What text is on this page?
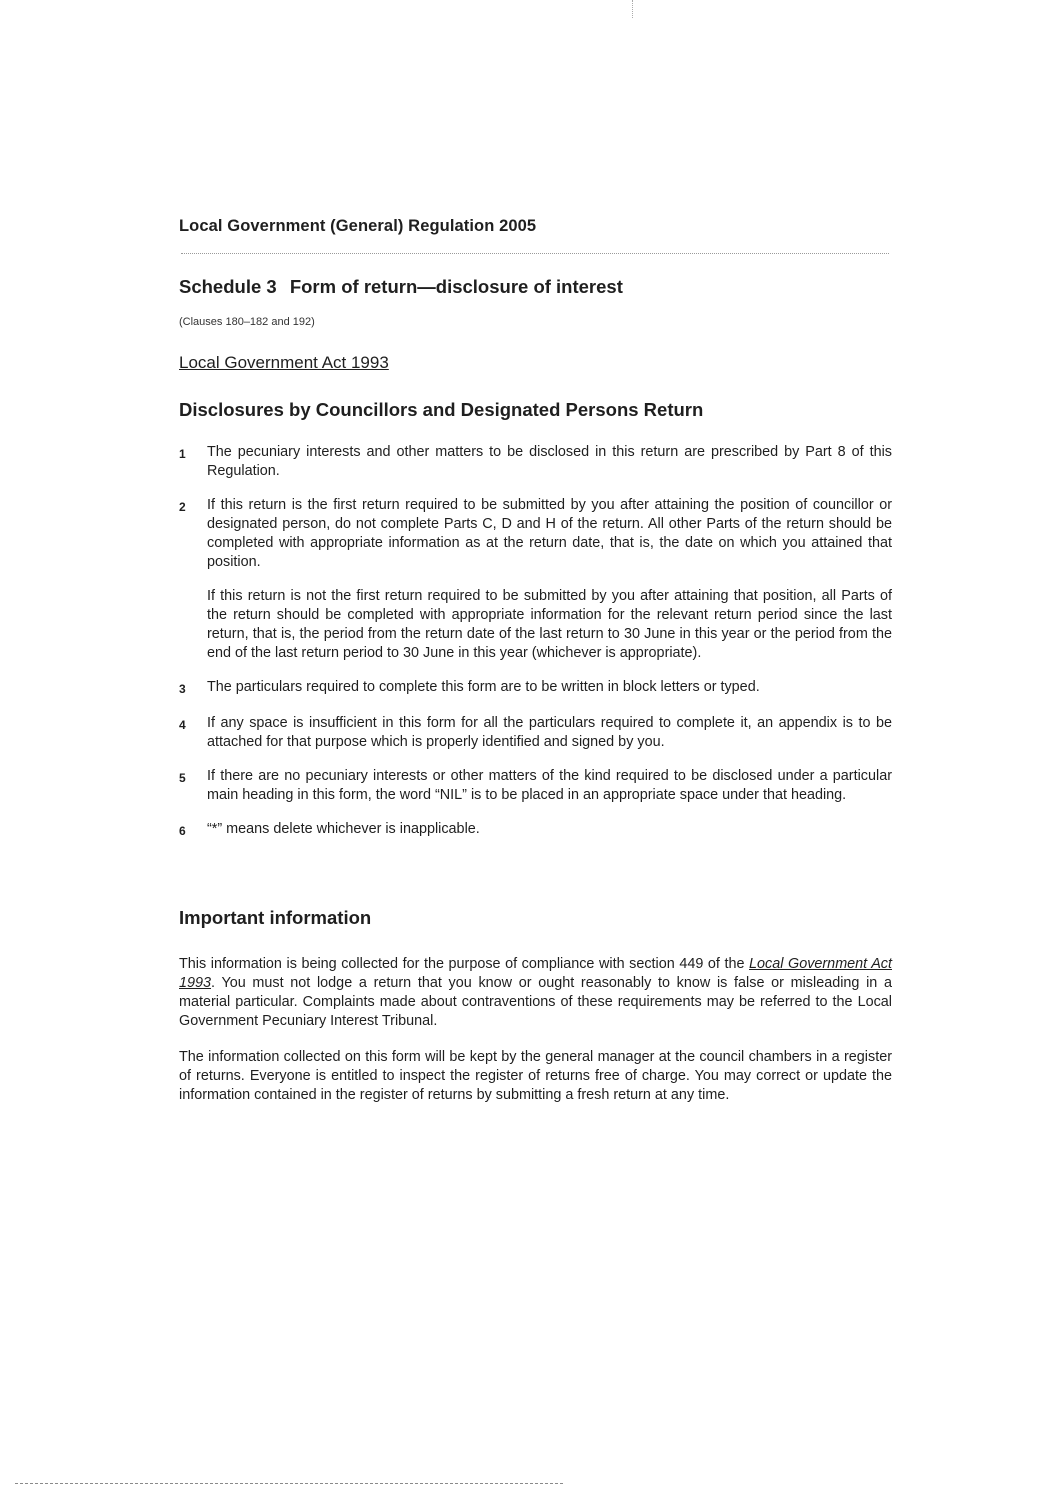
Local Government (General) Regulation 2005
Schedule 3 Form of return—disclosure of interest
(Clauses 180–182 and 192)
Local Government Act 1993
Disclosures by Councillors and Designated Persons Return
1	The pecuniary interests and other matters to be disclosed in this return are prescribed by Part 8 of this Regulation.
2	If this return is the first return required to be submitted by you after attaining the position of councillor or designated person, do not complete Parts C, D and H of the return. All other Parts of the return should be completed with appropriate information as at the return date, that is, the date on which you attained that position.
If this return is not the first return required to be submitted by you after attaining that position, all Parts of the return should be completed with appropriate information for the relevant return period since the last return, that is, the period from the return date of the last return to 30 June in this year or the period from the end of the last return period to 30 June in this year (whichever is appropriate).
3	The particulars required to complete this form are to be written in block letters or typed.
4	If any space is insufficient in this form for all the particulars required to complete it, an appendix is to be attached for that purpose which is properly identified and signed by you.
5	If there are no pecuniary interests or other matters of the kind required to be disclosed under a particular main heading in this form, the word “NIL” is to be placed in an appropriate space under that heading.
6	“*” means delete whichever is inapplicable.
Important information
This information is being collected for the purpose of compliance with section 449 of the Local Government Act 1993. You must not lodge a return that you know or ought reasonably to know is false or misleading in a material particular. Complaints made about contraventions of these requirements may be referred to the Local Government Pecuniary Interest Tribunal.
The information collected on this form will be kept by the general manager at the council chambers in a register of returns. Everyone is entitled to inspect the register of returns free of charge. You may correct or update the information contained in the register of returns by submitting a fresh return at any time.
